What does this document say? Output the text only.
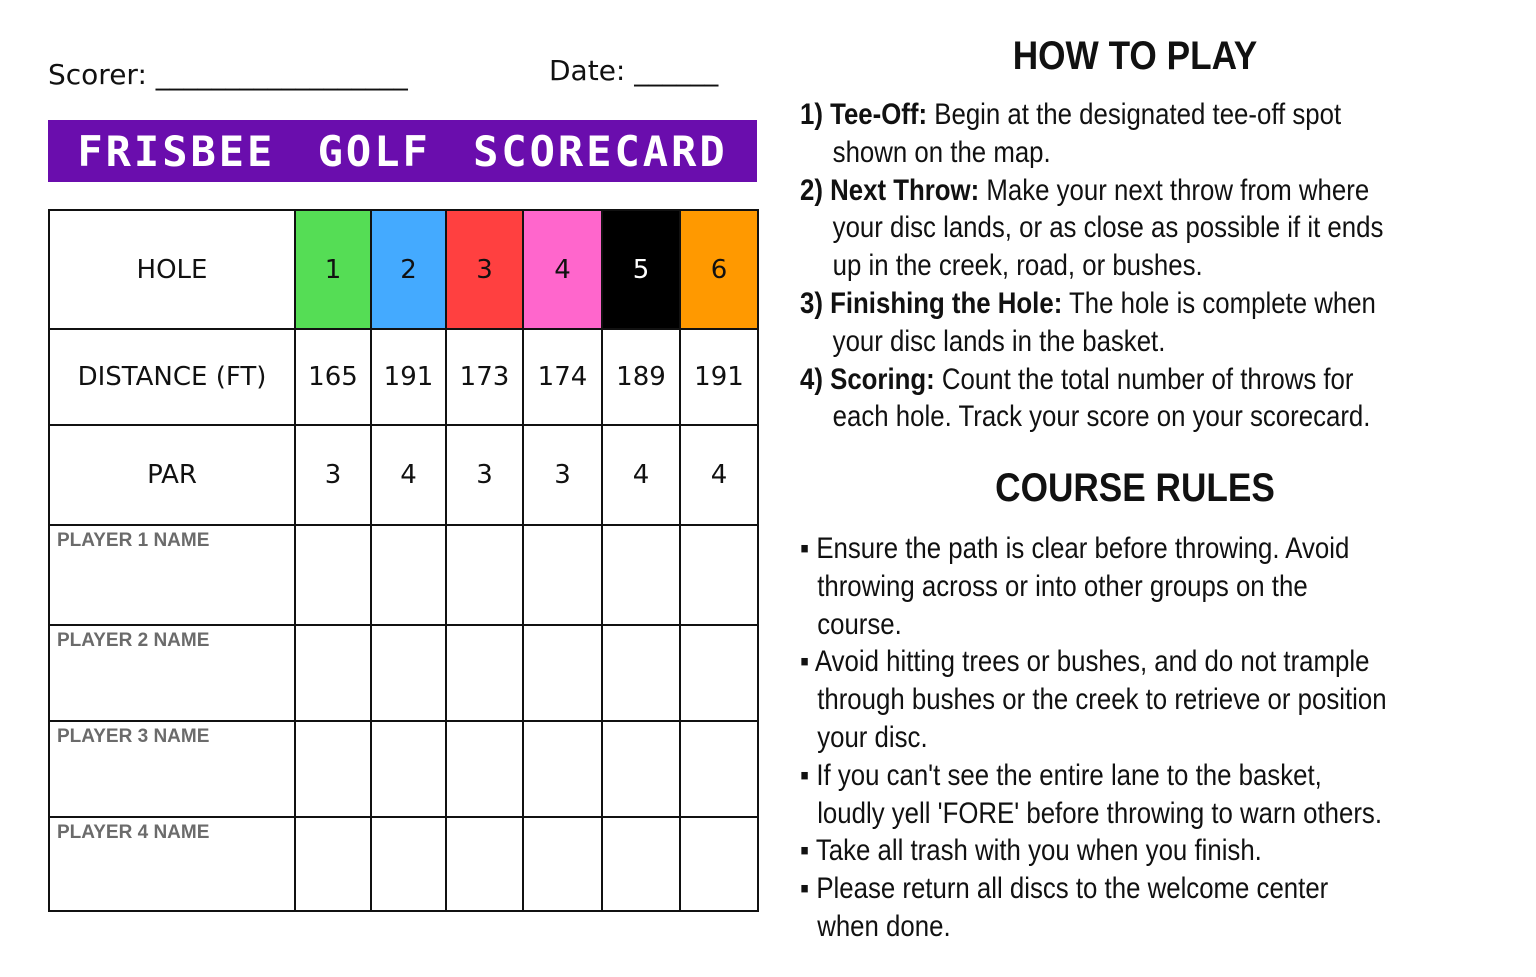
Scorer: __________________	Date: ______
FRISBEE GOLF SCORECARD
HOLE	1	2	3	4	5	6
DISTANCE (FT)	165	191	173	174	189	191
PAR	3	4	3	3	4	4
PLAYER 1 NAME						
PLAYER 2 NAME						
PLAYER 3 NAME						
PLAYER 4 NAME						
HOW TO PLAY

1) Tee-Off: Begin at the designated tee-off spot shown on the map.

2) Next Throw: Make your next throw from where your disc lands, or as close as possible if it ends up in the creek, road, or bushes.

3) Finishing the Hole: The hole is complete when your disc lands in the basket.

4) Scoring: Count the total number of throws for each hole. Track your score on your scorecard.

COURSE RULES

▪ Ensure the path is clear before throwing. Avoid throwing across or into other groups on the course.

▪ Avoid hitting trees or bushes, and do not trample through bushes or the creek to retrieve or position your disc.

▪ If you can't see the entire lane to the basket, loudly yell 'FORE' before throwing to warn others.

▪ Take all trash with you when you finish.

▪ Please return all discs to the welcome center when done.
